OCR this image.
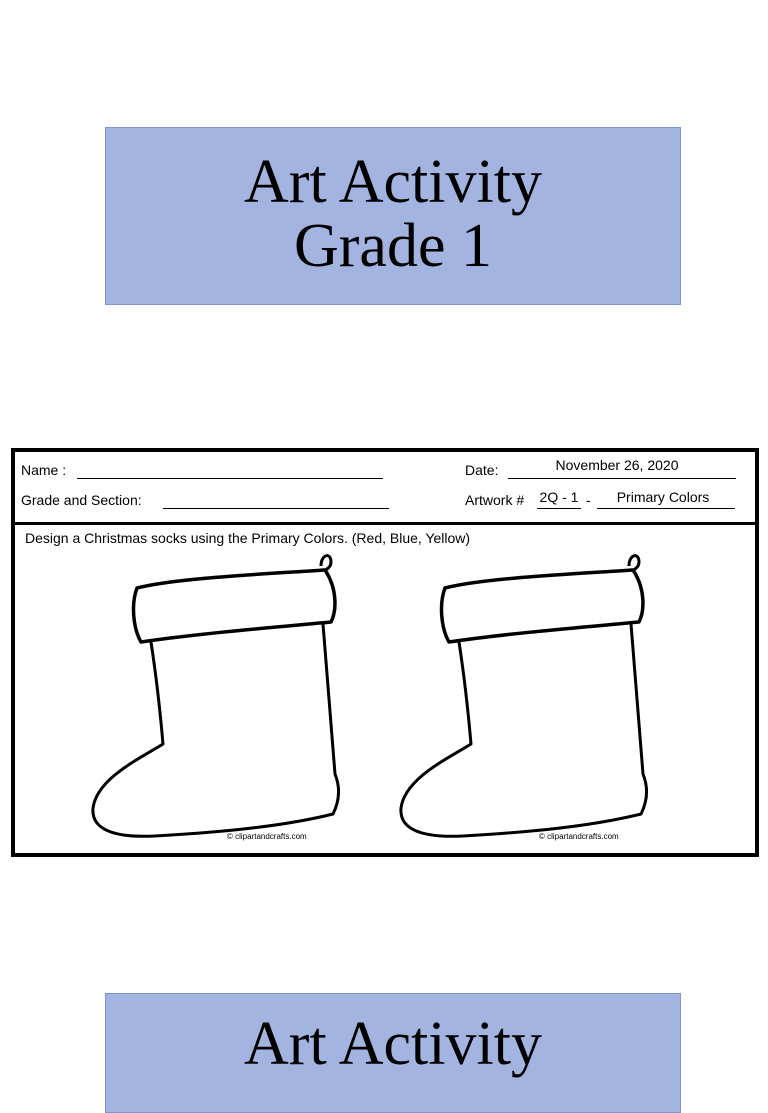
Art Activity
Grade 1
Name :
Grade and Section:
Date:	November 26, 2020
Artwork # 2Q - 1 -	Primary Colors
Design a Christmas socks using the Primary Colors. (Red, Blue, Yellow)
© clipartandcrafts.com	© clipartandcrafts.com
Art Activity
